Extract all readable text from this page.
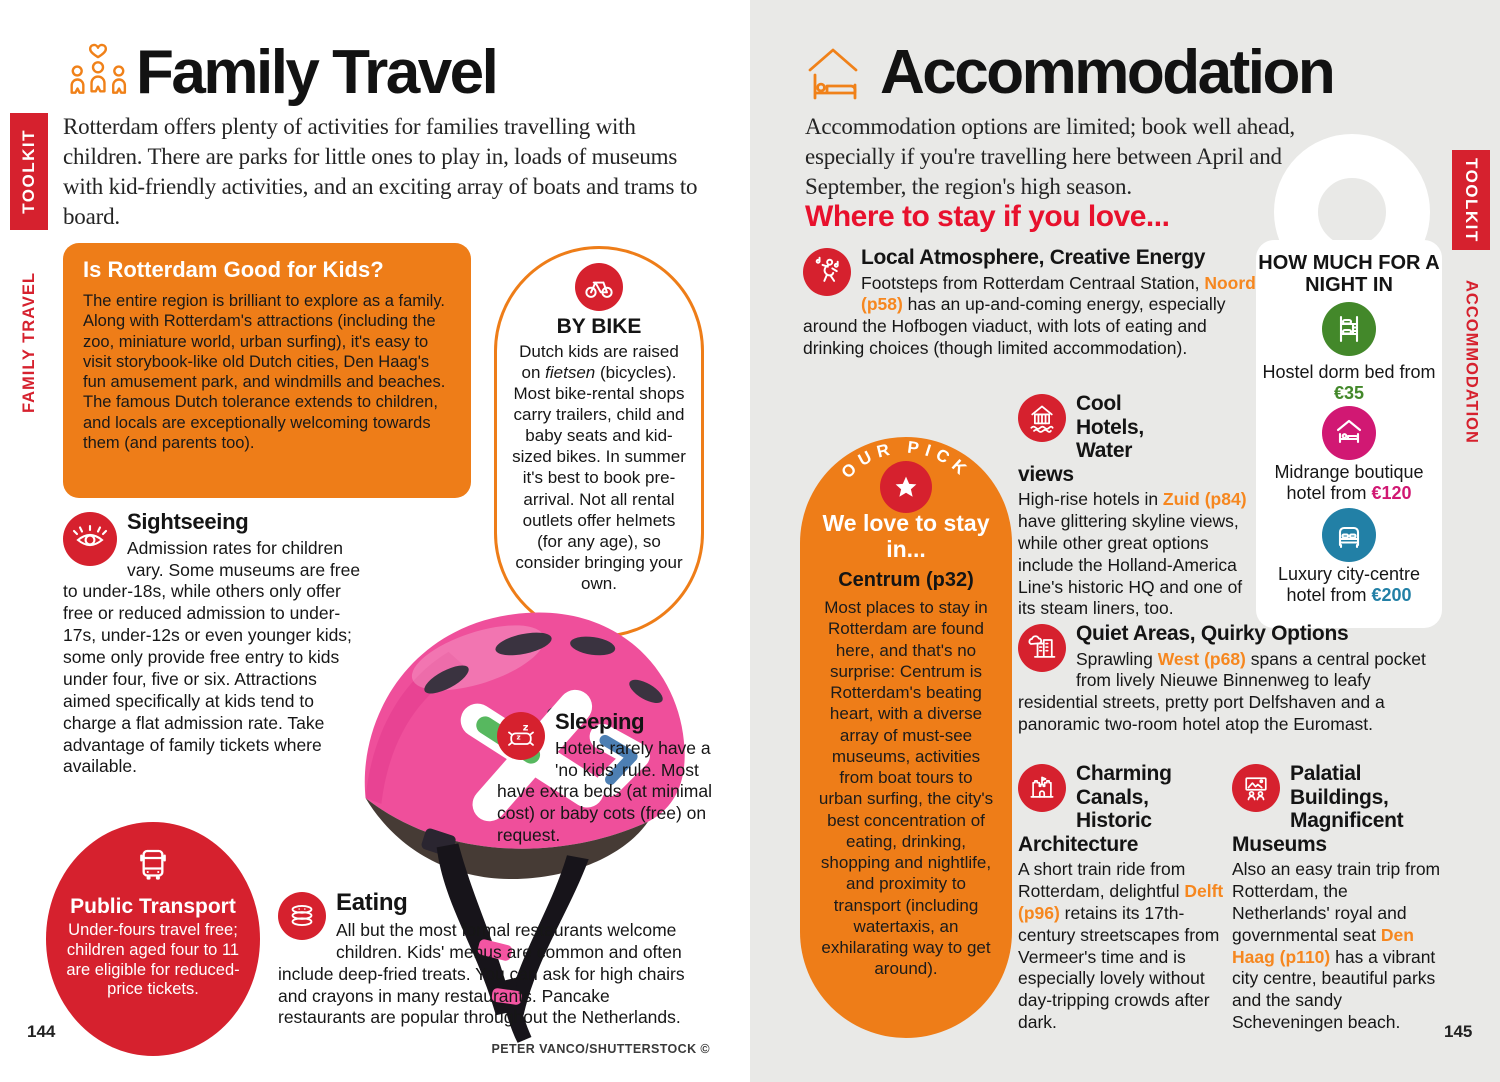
TOOLKIT
FAMILY TRAVEL
TOOLKIT
ACCOMMODATION
Family Travel
Rotterdam offers plenty of activities for families travelling with children. There are parks for little ones to play in, loads of museums with kid-friendly activities, and an exciting array of boats and trams to board.
Is Rotterdam Good for Kids?

The entire region is brilliant to explore as a family. Along with Rotterdam's attractions (including the zoo, miniature world, urban surfing), it's easy to visit storybook-like old Dutch cities, Den Haag's fun amusement park, and windmills and beaches. The famous Dutch tolerance extends to children, and locals are exceptionally welcoming towards them (and parents too).

BY BIKE

Dutch kids are raised on fietsen (bicycles). Most bike-rental shops carry trailers, child and baby seats and kid-sized bikes. In summer it's best to book pre-arrival. Not all rental outlets offer helmets (for any age), so consider bringing your own.

Sightseeing

Admission rates for children vary. Some museums are free to under-18s, while others only offer free or reduced admission to under-17s, under-12s or even younger kids; some only provide free entry to kids under four, five or six. Attractions aimed specifically at kids tend to charge a flat admission rate. Take advantage of family tickets where available.

z
z
Sleeping

Hotels rarely have a 'no kids' rule. Most have extra beds (at minimal cost) or baby cots (free) on request.

Public Transport

Under-fours travel free; children aged four to 11 are eligible for reduced-price tickets.

Eating

All but the most formal restaurants welcome children. Kids' menus are common and often include deep-fried treats. You can ask for high chairs and crayons in many restaurants. Pancake restaurants are popular throughout the Netherlands.

PETER VANCO/SHUTTERSTOCK ©
144
Accommodation
Accommodation options are limited; book well ahead, especially if you're travelling here between April and September, the region's high season.
Where to stay if you love...
HOW MUCH FOR A NIGHT IN
Hostel dorm bed from €35
Midrange boutique hotel from €120
Luxury city-centre hotel from €200
Local Atmosphere, Creative Energy

Footsteps from Rotterdam Centraal Station, Noord (p58) has an up-and-coming energy, especially around the Hofbogen viaduct, with lots of eating and drinking choices (though limited accommodation).

OUR PICK
We love to stay in...
Centrum (p32)

Most places to stay in Rotterdam are found here, and that's no surprise: Centrum is Rotterdam's beating heart, with a diverse array of must-see museums, activities from boat tours to urban surfing, the city's best concentration of eating, drinking, shopping and nightlife, and proximity to transport (including watertaxis, an exhilarating way to get around).

Cool Hotels, Water views

High-rise hotels in Zuid (p84) have glittering skyline views, while other great options include the Holland-America Line's historic HQ and one of its steam liners, too.

Quiet Areas, Quirky Options

Sprawling West (p68) spans a central pocket from lively Nieuwe Binnenweg to leafy residential streets, pretty port Delfshaven and a panoramic two-room hotel atop the Euromast.

Charming Canals, Historic Architecture

A short train ride from Rotterdam, delightful Delft (p96) retains its 17th-century streetscapes from Vermeer's time and is especially lovely without day-tripping crowds after dark.

Palatial Buildings, Magnificent Museums

Also an easy train trip from Rotterdam, the Netherlands' royal and governmental seat Den Haag (p110) has a vibrant city centre, beautiful parks and the sandy Scheveningen beach.	145
